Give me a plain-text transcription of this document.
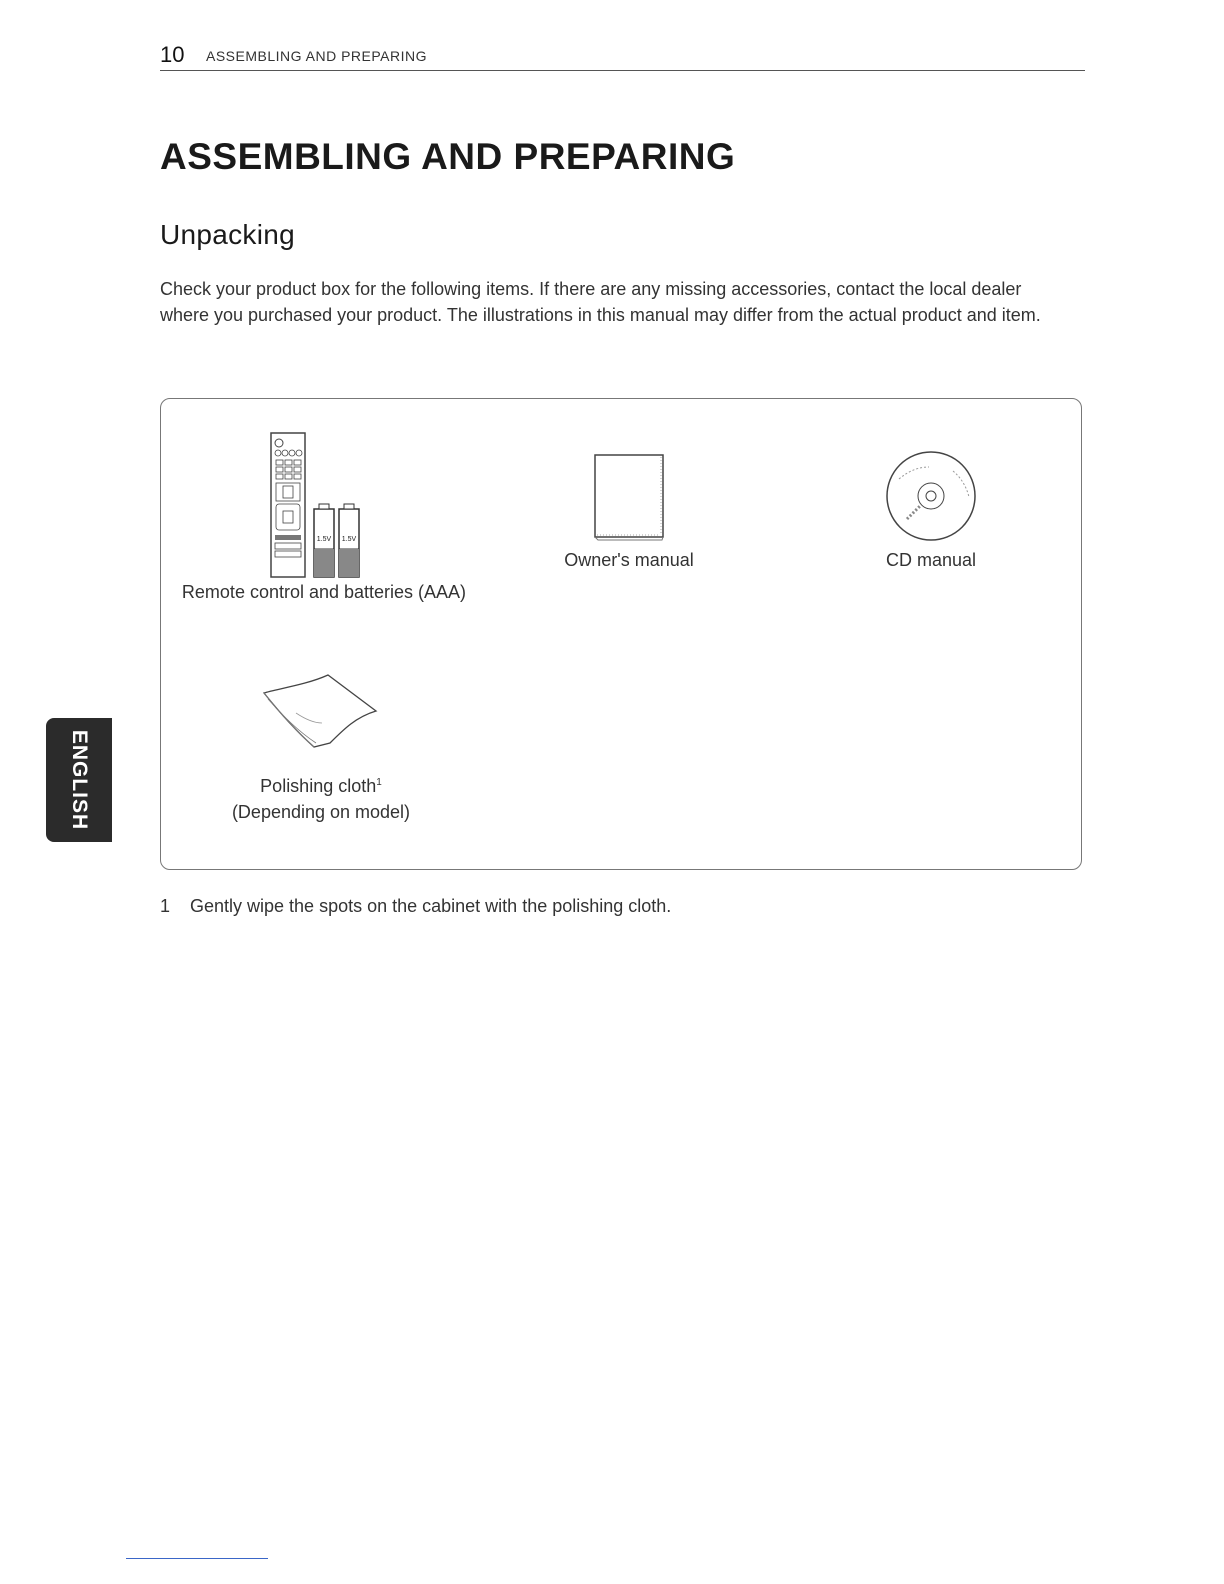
10 ASSEMBLING AND PREPARING
ASSEMBLING AND PREPARING
Unpacking

Check your product box for the following items. If there are any missing accessories, contact the local dealer where you purchased your product. The illustrations in this manual may differ from the actual product and item.

1.5V 1.5V
Remote control and batteries (AAA)
Owner's manual	CD manual
Polishing cloth$^1$
(Depending on model)
1 Gently wipe the spots on the cabinet with the polishing cloth.
ENGLISH
